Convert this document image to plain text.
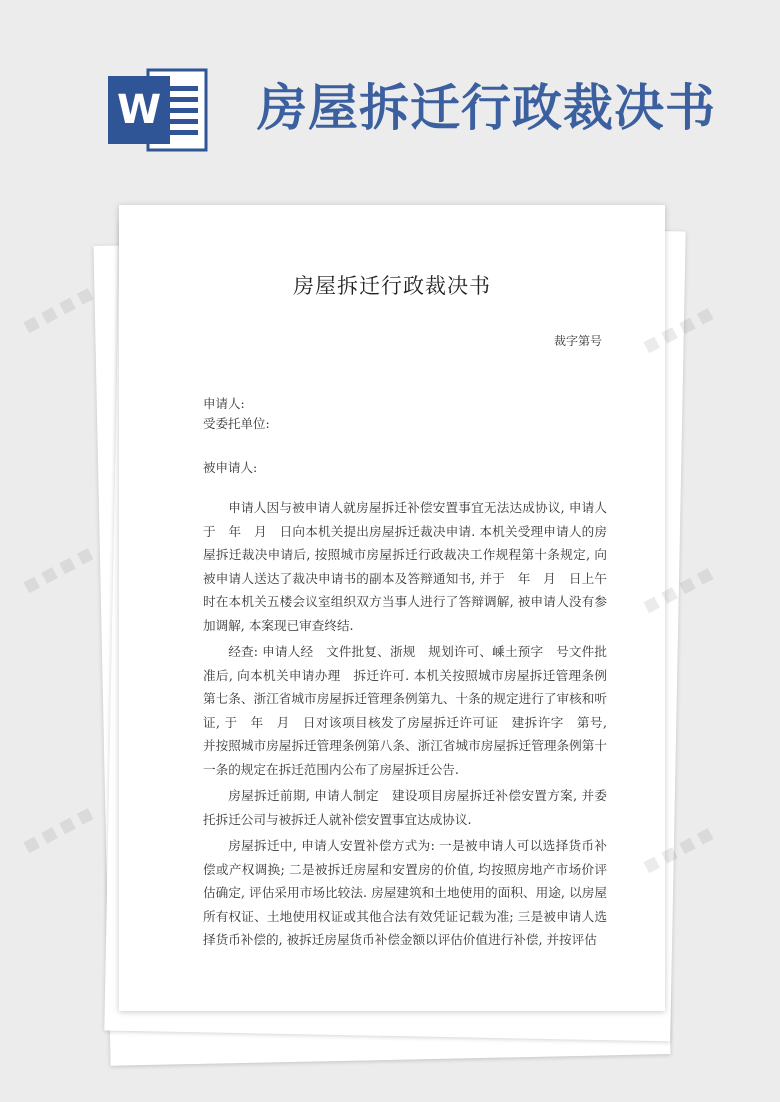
W 房屋拆迁行政裁决书
房屋拆迁行政裁决书
裁字第号
申请人:
受委托单位:
被申请人:

申请人因与被申请人就房屋拆迁补偿安置事宜无法达成协议, 申请人于　年　月　日向本机关提出房屋拆迁裁决申请. 本机关受理申请人的房屋拆迁裁决申请后, 按照城市房屋拆迁行政裁决工作规程第十条规定, 向被申请人送达了裁决申请书的副本及答辩通知书, 并于　年　月　日上午时在本机关五楼会议室组织双方当事人进行了答辩调解, 被申请人没有参加调解, 本案现已审查终结.

经查: 申请人经　文件批复、浙规　规划许可、嵊土预字　号文件批准后, 向本机关申请办理　拆迁许可. 本机关按照城市房屋拆迁管理条例第七条、浙江省城市房屋拆迁管理条例第九、十条的规定进行了审核和听证, 于　年　月　日对该项目核发了房屋拆迁许可证　建拆许字　第号, 并按照城市房屋拆迁管理条例第八条、浙江省城市房屋拆迁管理条例第十一条的规定在拆迁范围内公布了房屋拆迁公告.

房屋拆迁前期, 申请人制定　建设项目房屋拆迁补偿安置方案, 并委托拆迁公司与被拆迁人就补偿安置事宜达成协议.

房屋拆迁中, 申请人安置补偿方式为: 一是被申请人可以选择货币补偿或产权调换; 二是被拆迁房屋和安置房的价值, 均按照房地产市场价评估确定, 评估采用市场比较法. 房屋建筑和土地使用的面积、用途, 以房屋所有权证、土地使用权证或其他合法有效凭证记载为准; 三是被申请人选择货币补偿的, 被拆迁房屋货币补偿金额以评估价值进行补偿, 并按评估

■ ■ ■ ■	■ ■
■ ■ ■ ■	■ ■
■ ■ ■ ■	■ ■ ■ ■
